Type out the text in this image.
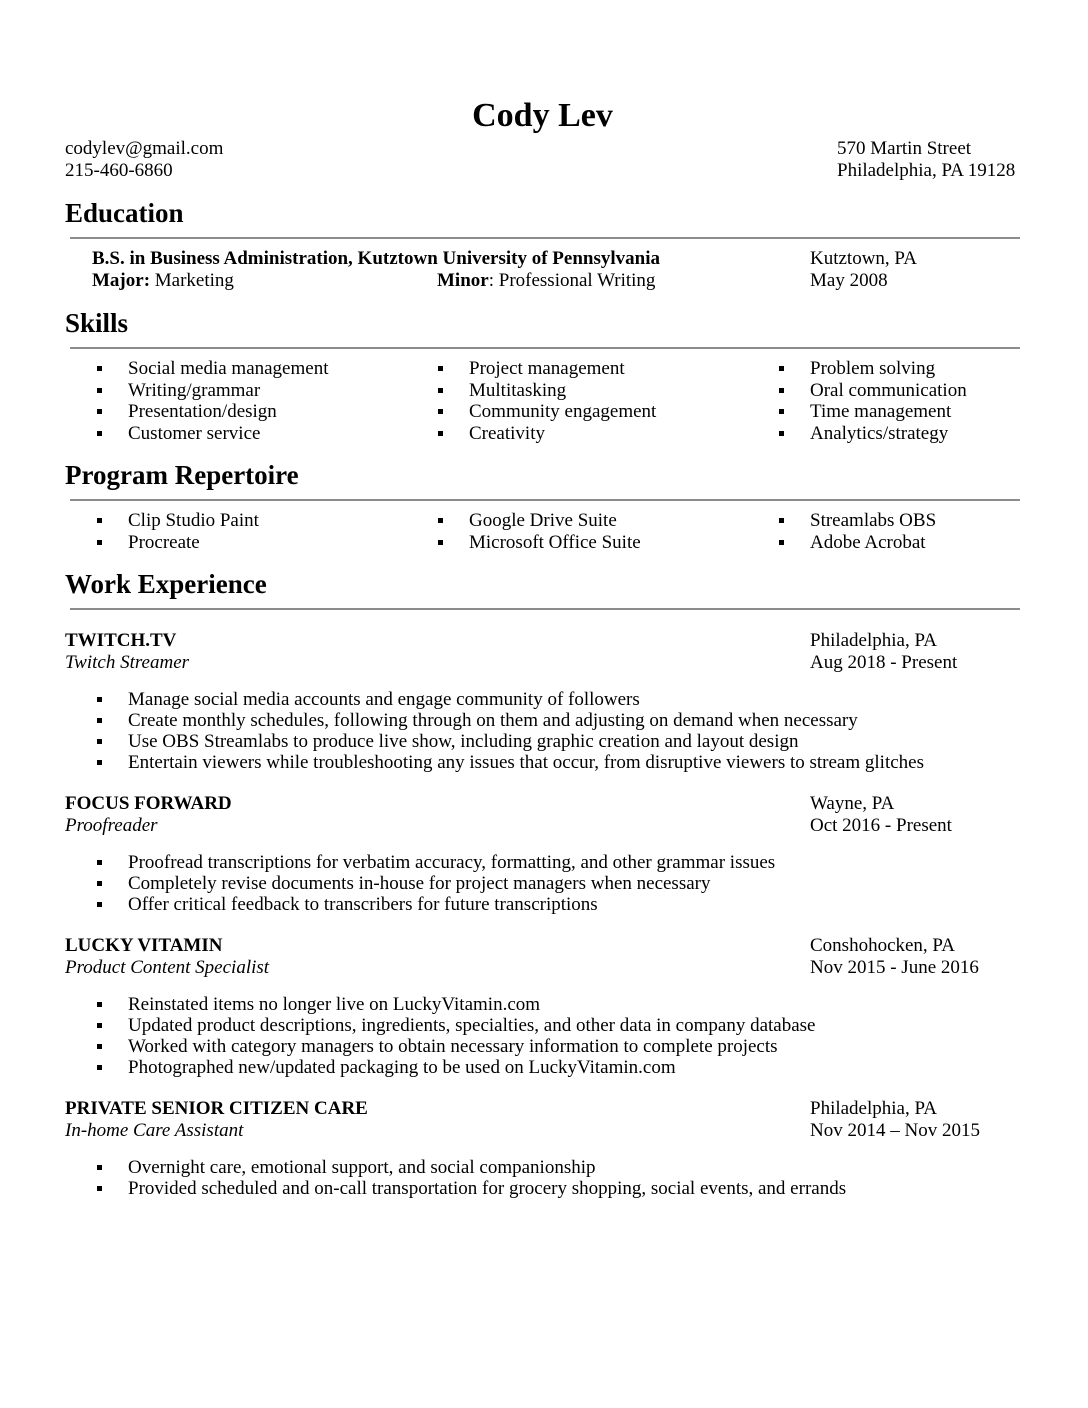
Cody Lev
codylev@gmail.com
215-460-6860
570 Martin Street
Philadelphia, PA 19128
Education
B.S. in Business Administration, Kutztown University of Pennsylvania	Kutztown, PA
Major: Marketing	Minor: Professional Writing	May 2008
Skills
Social media management
Writing/grammar
Presentation/design
Customer service
Project management
Multitasking
Community engagement
Creativity
Problem solving
Oral communication
Time management
Analytics/strategy
Program Repertoire
Clip Studio Paint
Procreate
Google Drive Suite
Microsoft Office Suite
Streamlabs OBS
Adobe Acrobat
Work Experience
TWITCH.TV	Philadelphia, PA
Twitch Streamer	Aug 2018 - Present
Manage social media accounts and engage community of followers
Create monthly schedules, following through on them and adjusting on demand when necessary
Use OBS Streamlabs to produce live show, including graphic creation and layout design
Entertain viewers while troubleshooting any issues that occur, from disruptive viewers to stream glitches
FOCUS FORWARD	Wayne, PA
Proofreader	Oct 2016 - Present
Proofread transcriptions for verbatim accuracy, formatting, and other grammar issues
Completely revise documents in-house for project managers when necessary
Offer critical feedback to transcribers for future transcriptions
LUCKY VITAMIN	Conshohocken, PA
Product Content Specialist	Nov 2015 - June 2016
Reinstated items no longer live on LuckyVitamin.com
Updated product descriptions, ingredients, specialties, and other data in company database
Worked with category managers to obtain necessary information to complete projects
Photographed new/updated packaging to be used on LuckyVitamin.com
PRIVATE SENIOR CITIZEN CARE	Philadelphia, PA
In-home Care Assistant	Nov 2014 – Nov 2015
Overnight care, emotional support, and social companionship
Provided scheduled and on-call transportation for grocery shopping, social events, and errands
